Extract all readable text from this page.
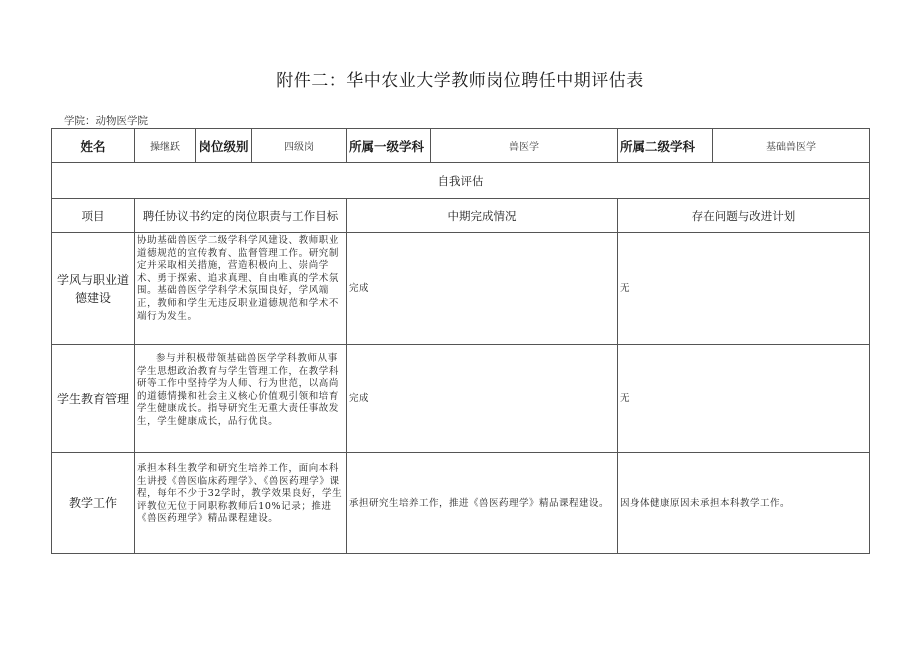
附件二：华中农业大学教师岗位聘任中期评估表
学院：动物医学院
姓名	操继跃	岗位级别	四级岗	所属一级学科	兽医学	所属二级学科	基础兽医学
自我评估							
项目	聘任协议书约定的岗位职责与工作目标			中期完成情况		存在问题与改进计划	
学风与职业道德建设	协助基础兽医学二级学科学风建设、教师职业道德规范的宣传教育、监督管理工作。研究制定并采取相关措施，营造积极向上、崇尚学术、勇于探索、追求真理、自由唯真的学术氛围。基础兽医学学科学术氛围良好，学风端正，教师和学生无违反职业道德规范和学术不端行为发生。			完成		无	
学生教育管理	参与并积极带领基础兽医学学科教师从事学生思想政治教育与学生管理工作，在教学科研等工作中坚持学为人师、行为世范，以高尚的道德情操和社会主义核心价值观引领和培育学生健康成长。指导研究生无重大责任事故发生，学生健康成长，品行优良。			完成		无	
教学工作	承担本科生教学和研究生培养工作，面向本科生讲授《兽医临床药理学》、《兽医药理学》课程，每年不少于32学时，教学效果良好，学生评教位无位于同职称教师后10%记录；推进《兽医药理学》精品课程建设。			承担研究生培养工作，推进《兽医药理学》精品课程建设。		因身体健康原因未承担本科教学工作。	
